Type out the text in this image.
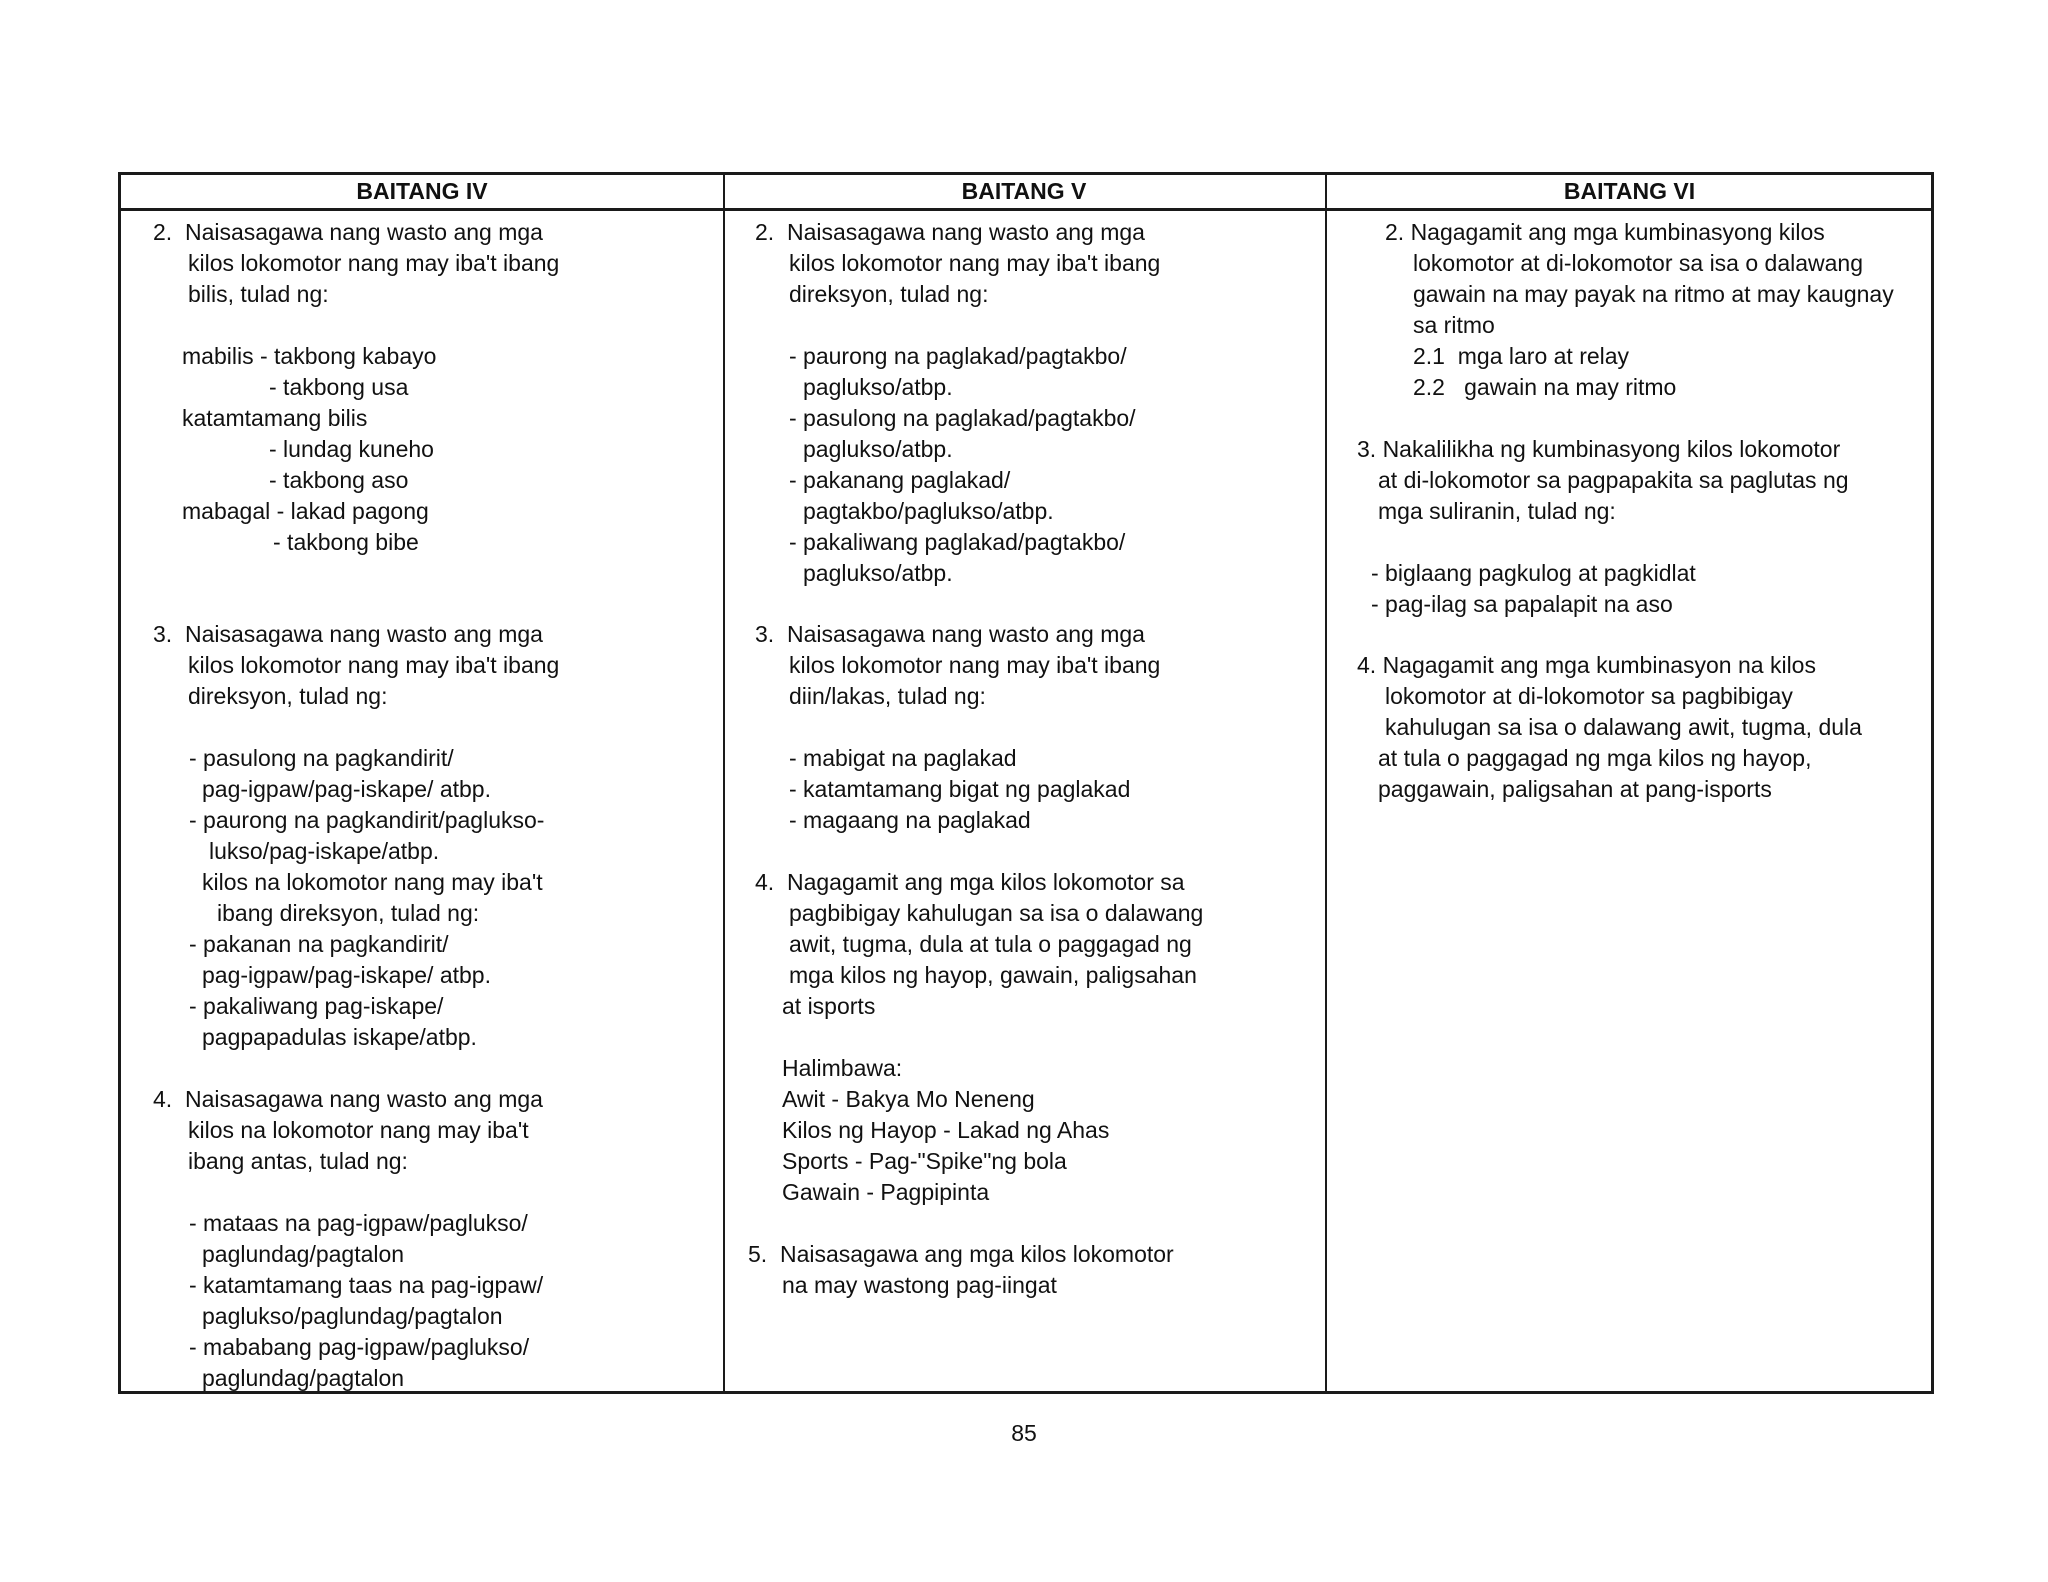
BAITANG IV	BAITANG V	BAITANG VI
2.  Naisasagawa nang wasto ang mga
kilos lokomotor nang may iba't ibang
bilis, tulad ng:
mabilis - takbong kabayo
- takbong usa
katamtamang bilis
- lundag kuneho
- takbong aso
mabagal - lakad pagong
- takbong bibe
3.  Naisasagawa nang wasto ang mga
kilos lokomotor nang may iba't ibang
direksyon, tulad ng:
- pasulong na pagkandirit/
pag-igpaw/pag-iskape/ atbp.
- paurong na pagkandirit/paglukso-
lukso/pag-iskape/atbp.
kilos na lokomotor nang may iba't
ibang direksyon, tulad ng:
- pakanan na pagkandirit/
pag-igpaw/pag-iskape/ atbp.
- pakaliwang pag-iskape/
pagpapadulas iskape/atbp.
4.  Naisasagawa nang wasto ang mga
kilos na lokomotor nang may iba't
ibang antas, tulad ng:
- mataas na pag-igpaw/paglukso/
paglundag/pagtalon
- katamtamang taas na pag-igpaw/
paglukso/paglundag/pagtalon
- mababang pag-igpaw/paglukso/
paglundag/pagtalon
2.  Naisasagawa nang wasto ang mga
kilos lokomotor nang may iba't ibang
direksyon, tulad ng:
- paurong na paglakad/pagtakbo/
paglukso/atbp.
- pasulong na paglakad/pagtakbo/
paglukso/atbp.
- pakanang paglakad/
pagtakbo/paglukso/atbp.
- pakaliwang paglakad/pagtakbo/
paglukso/atbp.
3.  Naisasagawa nang wasto ang mga
kilos lokomotor nang may iba't ibang
diin/lakas, tulad ng:
- mabigat na paglakad
- katamtamang bigat ng paglakad
- magaang na paglakad
4.  Nagagamit ang mga kilos lokomotor sa
pagbibigay kahulugan sa isa o dalawang
awit, tugma, dula at tula o paggagad ng
mga kilos ng hayop, gawain, paligsahan
at isports
Halimbawa:
Awit - Bakya Mo Neneng
Kilos ng Hayop - Lakad ng Ahas
Sports - Pag-"Spike"ng bola
Gawain - Pagpipinta
5.  Naisasagawa ang mga kilos lokomotor
na may wastong pag-iingat
2. Nagagamit ang mga kumbinasyong kilos
lokomotor at di-lokomotor sa isa o dalawang
gawain na may payak na ritmo at may kaugnay
sa ritmo
2.1  mga laro at relay
2.2   gawain na may ritmo
3. Nakalilikha ng kumbinasyong kilos lokomotor
at di-lokomotor sa pagpapakita sa paglutas ng
mga suliranin, tulad ng:
- biglaang pagkulog at pagkidlat
- pag-ilag sa papalapit na aso
4. Nagagamit ang mga kumbinasyon na kilos
lokomotor at di-lokomotor sa pagbibigay
kahulugan sa isa o dalawang awit, tugma, dula
at tula o paggagad ng mga kilos ng hayop,
paggawain, paligsahan at pang-isports
85
